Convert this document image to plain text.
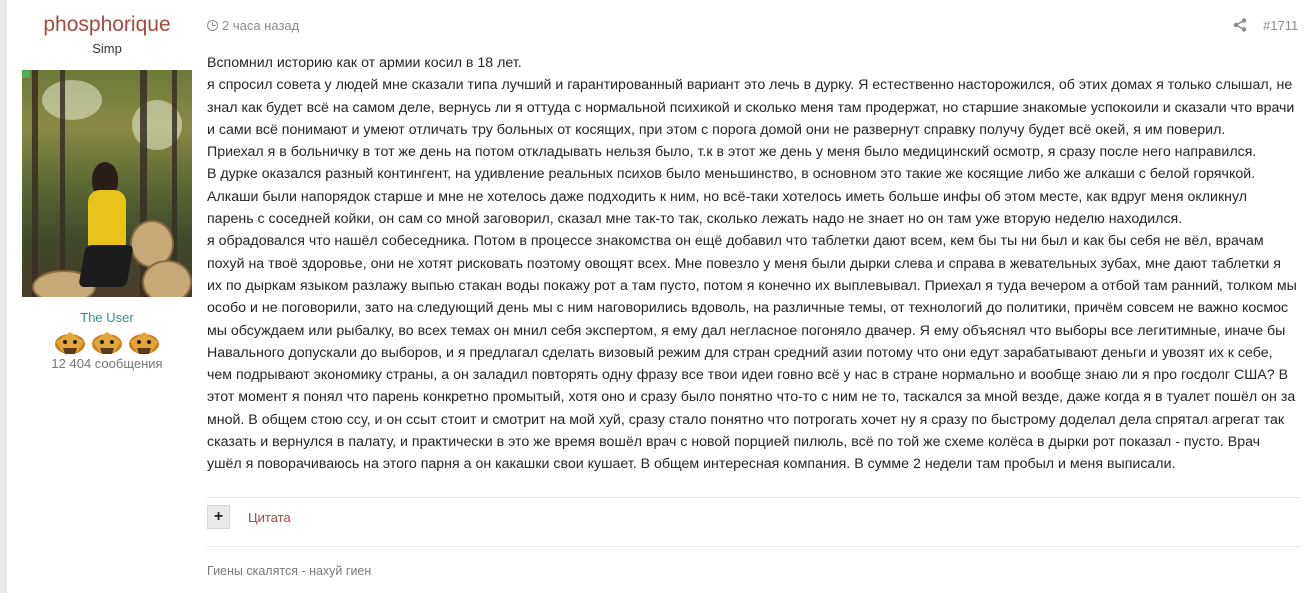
phosphorique
Simp
The User
12 404 сообщения
2 часа назад	#1711

Вспомнил историю как от армии косил в 18 лет.

я спросил совета у людей мне сказали типа лучший и гарантированный вариант это лечь в дурку. Я естественно насторожился, об этих домах я только слышал, не знал как будет всё на самом деле, вернусь ли я оттуда с нормальной психикой и сколько меня там продержат, но старшие знакомые успокоили и сказали что врачи и сами всё понимают и умеют отличать тру больных от косящих, при этом с порога домой они не развернут справку получу будет всё окей, я им поверил.

Приехал я в больничку в тот же день на потом откладывать нельзя было, т.к в этот же день у меня было медицинский осмотр, я сразу после него направился.

В дурке оказался разный контингент, на удивление реальных психов было меньшинство, в основном это такие же косящие либо же алкаши с белой горячкой. Алкаши были напорядок старше и мне не хотелось даже подходить к ним, но всё-таки хотелось иметь больше инфы об этом месте, как вдруг меня окликнул парень с соседней койки, он сам со мной заговорил, сказал мне так-то так, сколько лежать надо не знает но он там уже вторую неделю находился.

я обрадовался что нашёл собеседника. Потом в процессе знакомства он ещё добавил что таблетки дают всем, кем бы ты ни был и как бы себя не вёл, врачам похуй на твоё здоровье, они не хотят рисковать поэтому овощят всех. Мне повезло у меня были дырки слева и справа в жевательных зубах, мне дают таблетки я их по дыркам языком разлажу выпью стакан воды покажу рот а там пусто, потом я конечно их выплевывал. Приехал я туда вечером а отбой там ранний, толком мы особо и не поговорили, зато на следующий день мы с ним наговорились вдоволь, на различные темы, от технологий до политики, причём совсем не важно космос мы обсуждаем или рыбалку, во всех темах он мнил себя экспертом, я ему дал негласное погоняло двачер. Я ему объяснял что выборы все легитимные, иначе бы Навального допускали до выборов, и я предлагал сделать визовый режим для стран средний азии потому что они едут зарабатывают деньги и увозят их к себе, чем подрывают экономику страны, а он заладил повторять одну фразу все твои идеи говно всё у нас в стране нормально и вообще знаю ли я про госдолг США? В этот момент я понял что парень конкретно промытый, хотя оно и сразу было понятно что-то с ним не то, таскался за мной везде, даже когда я в туалет пошёл он за мной. В общем стою ссу, и он ссыт стоит и смотрит на мой хуй, сразу стало понятно что потрогать хочет ну я сразу по быстрому доделал дела спрятал агрегат так сказать и вернулся в палату, и практически в это же время вошёл врач с новой порцией пилюль, всё по той же схеме колёса в дырки рот показал - пусто. Врач ушёл я поворачиваюсь на этого парня а он какашки свои кушает. В общем интересная компания. В сумме 2 недели там пробыл и меня выписали.

+	Цитата
Гиены скалятся - нахуй гиен
